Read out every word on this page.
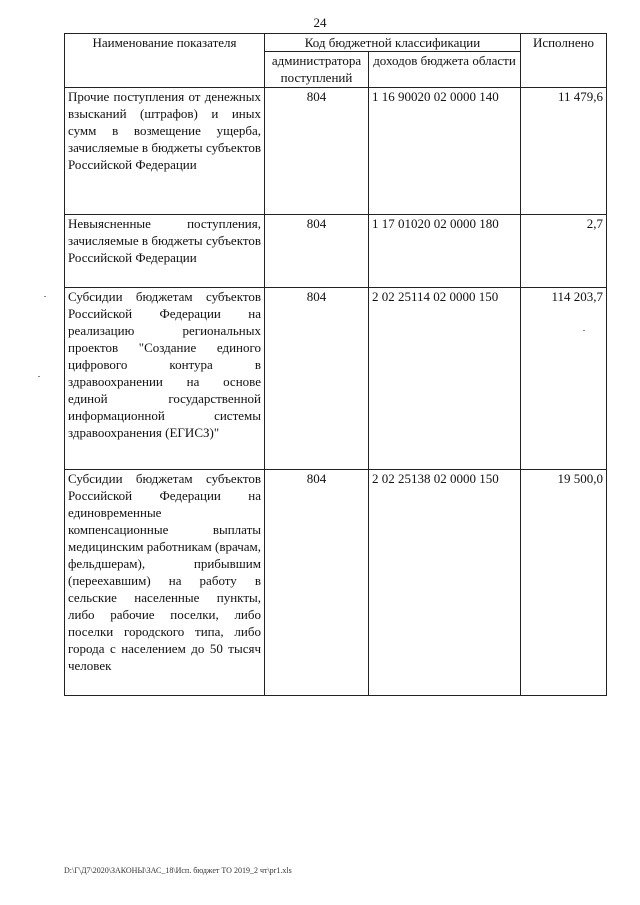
24
Наименование показателя	Код бюджетной классификации		Исполнено
	администратора поступлений	доходов бюджета области	
Прочие поступления от денежных взысканий (штрафов) и иных сумм в возмещение ущерба, зачисляемые в бюджеты субъектов Российской Федерации	804	1 16 90020 02 0000 140	11 479,6
Невыясненные поступления, зачисляемые в бюджеты субъектов Российской Федерации	804	1 17 01020 02 0000 180	2,7
Субсидии бюджетам субъектов Российской Федерации на реализацию региональных проектов "Создание единого цифрового контура в здравоохранении на основе единой государственной информационной системы здравоохранения (ЕГИСЗ)"	804	2 02 25114 02 0000 150	114 203,7
Субсидии бюджетам субъектов Российской Федерации на единовременные компенсационные выплаты медицинским работникам (врачам, фельдшерам), прибывшим (переехавшим) на работу в сельские населенные пункты, либо рабочие поселки, либо поселки городского типа, либо города с населением до 50 тысяч человек	804	2 02 25138 02 0000 150	19 500,0
D:\Г\Д7\2020\ЗАКОНЫ\ЗАС_18\Исп. бюджет ТО 2019_2 чт\pr1.xls
